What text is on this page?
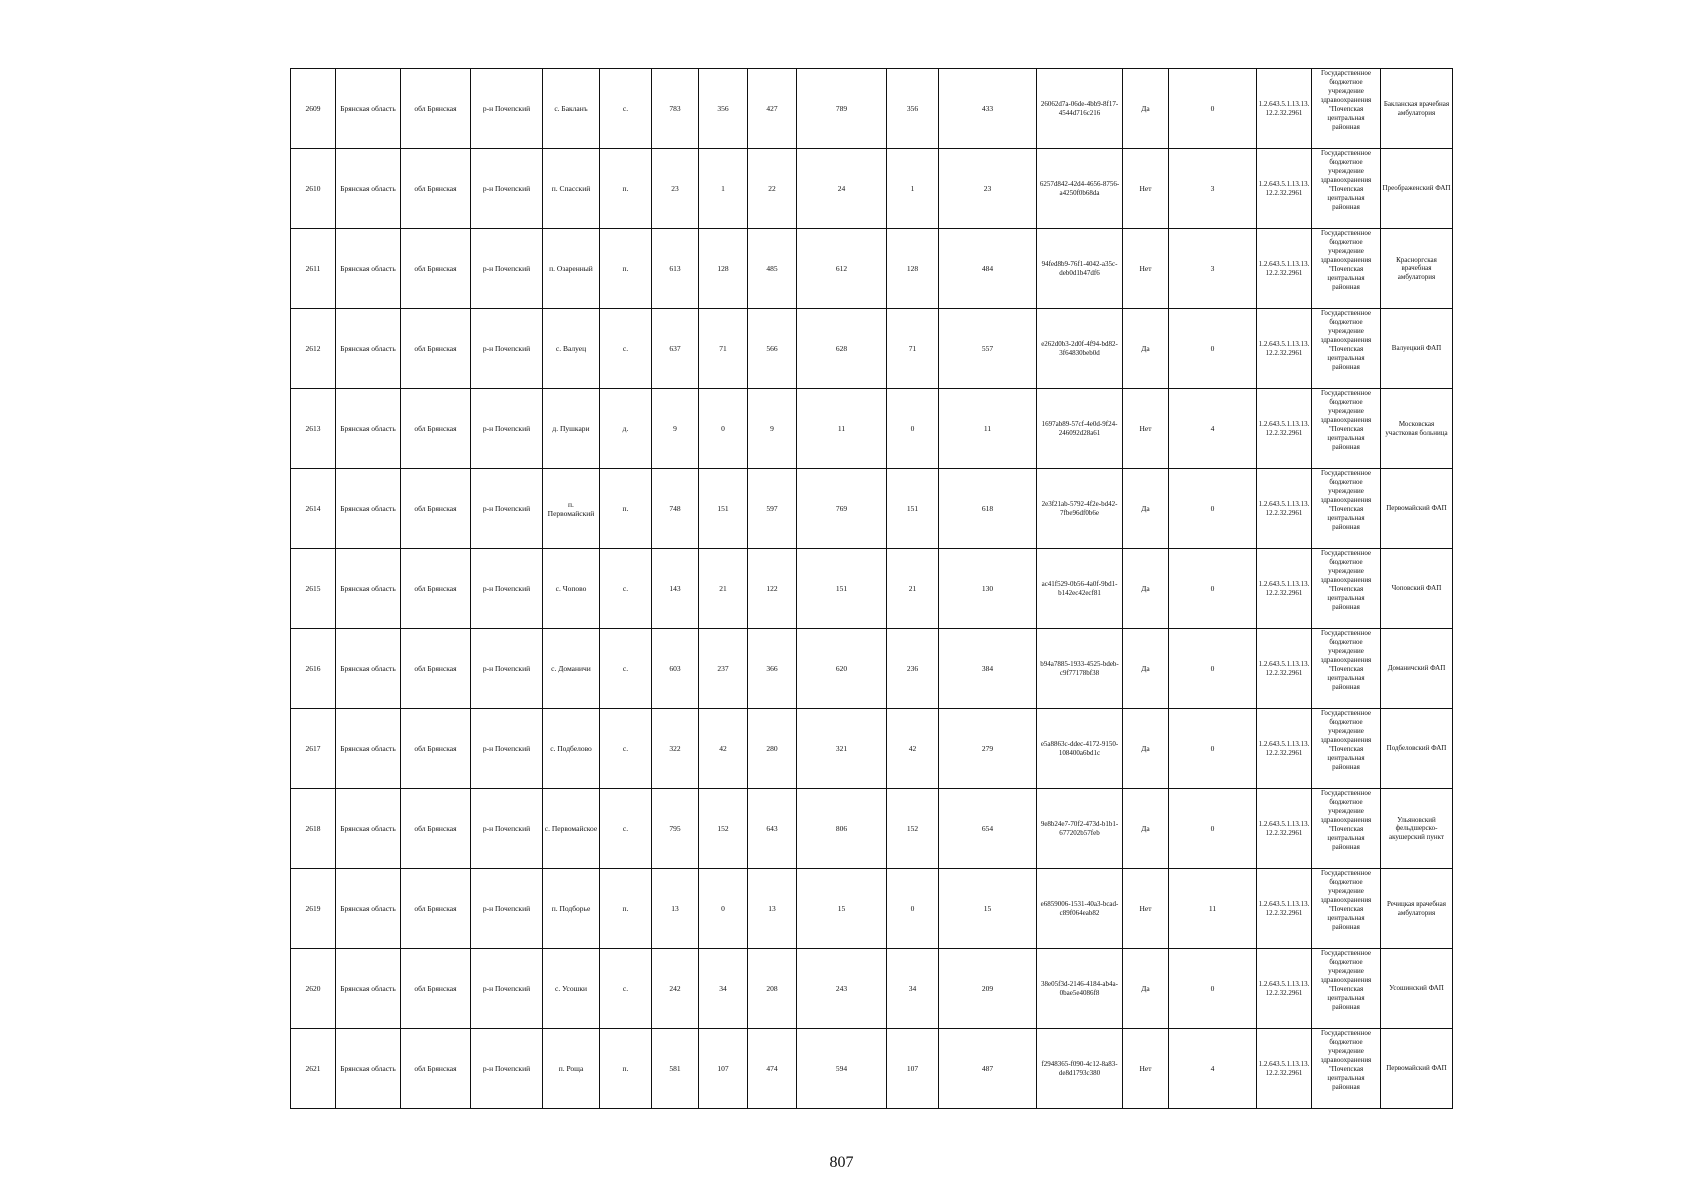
2609	Брянская область	обл Брянская	р-н Почепский	с. Бакланъ	с.	783	356	427	789	356	433	26062d7a-06de-4bb9-8f17-4544d716c216	Да	0	1.2.643.5.1.13.13.12.2.32.2961	Государственное бюджетное учреждение здравоохранения "Почепская центральная районная	Бакланская врачебная амбулатория
2610	Брянская область	обл Брянская	р-н Почепский	п. Спасский	п.	23	1	22	24	1	23	6257d842-42d4-4656-8756-a4250f0b68da	Нет	3	1.2.643.5.1.13.13.12.2.32.2961	Государственное бюджетное учреждение здравоохранения "Почепская центральная районная	Преображенский ФАП
2611	Брянская область	обл Брянская	р-н Почепский	п. Озаренный	п.	613	128	485	612	128	484	94fed8b9-76f1-4042-a35c-deb0d1b47df6	Нет	3	1.2.643.5.1.13.13.12.2.32.2961	Государственное бюджетное учреждение здравоохранения "Почепская центральная районная	Красноргская врачебная амбулатория
2612	Брянская область	обл Брянская	р-н Почепский	с. Валуец	с.	637	71	566	628	71	557	e262d0b3-2d0f-4f94-bd82-3f64830beb0d	Да	0	1.2.643.5.1.13.13.12.2.32.2961	Государственное бюджетное учреждение здравоохранения "Почепская центральная районная	Валуецкий ФАП
2613	Брянская область	обл Брянская	р-н Почепский	д. Пушкари	д.	9	0	9	11	0	11	1697ab89-57cf-4e0d-9f24-246092d28a61	Нет	4	1.2.643.5.1.13.13.12.2.32.2961	Государственное бюджетное учреждение здравоохранения "Почепская центральная районная	Московская участковая больница
2614	Брянская область	обл Брянская	р-н Почепский	п. Первомайский	п.	748	151	597	769	151	618	2e3f21ab-5792-4f2e-bd42-7fbe96df0b6e	Да	0	1.2.643.5.1.13.13.12.2.32.2961	Государственное бюджетное учреждение здравоохранения "Почепская центральная районная	Первомайский ФАП
2615	Брянская область	обл Брянская	р-н Почепский	с. Чоповo	с.	143	21	122	151	21	130	ac41f529-0b56-4a0f-9bd1-b142ec42ecf81	Да	0	1.2.643.5.1.13.13.12.2.32.2961	Государственное бюджетное учреждение здравоохранения "Почепская центральная районная	Чоповский ФАП
2616	Брянская область	обл Брянская	р-н Почепский	с. Доманичи	с.	603	237	366	620	236	384	b94a7885-1933-4525-bdeb-c9f77178bf38	Да	0	1.2.643.5.1.13.13.12.2.32.2961	Государственное бюджетное учреждение здравоохранения "Почепская центральная районная	Доманичский ФАП
2617	Брянская область	обл Брянская	р-н Почепский	с. Подбелово	с.	322	42	280	321	42	279	e5a8863c-ddec-4172-9150-108400a6bd1c	Да	0	1.2.643.5.1.13.13.12.2.32.2961	Государственное бюджетное учреждение здравоохранения "Почепская центральная районная	Подбеловский ФАП
2618	Брянская область	обл Брянская	р-н Почепский	с. Первомайское	с.	795	152	643	806	152	654	9e8b24e7-70f2-473d-b1b1-677202b57feb	Да	0	1.2.643.5.1.13.13.12.2.32.2961	Государственное бюджетное учреждение здравоохранения "Почепская центральная районная	Ульяновский фельдшерско-акушерский пункт
2619	Брянская область	обл Брянская	р-н Почепский	п. Подборье	п.	13	0	13	15	0	15	e6859006-1531-40a3-bcad-c89f064eab82	Нет	11	1.2.643.5.1.13.13.12.2.32.2961	Государственное бюджетное учреждение здравоохранения "Почепская центральная районная	Речицкая врачебная амбулатория
2620	Брянская область	обл Брянская	р-н Почепский	с. Усошки	с.	242	34	208	243	34	209	38e05f3d-2146-4184-ab4a-0bae5e4086f8	Да	0	1.2.643.5.1.13.13.12.2.32.2961	Государственное бюджетное учреждение здравоохранения "Почепская центральная районная	Усошинский ФАП
2621	Брянская область	обл Брянская	р-н Почепский	п. Роща	п.	581	107	474	594	107	487	f2948365-f090-4c12-8a83-de8d1793c380	Нет	4	1.2.643.5.1.13.13.12.2.32.2961	Государственное бюджетное учреждение здравоохранения "Почепская центральная районная	Первомайский ФАП
807
